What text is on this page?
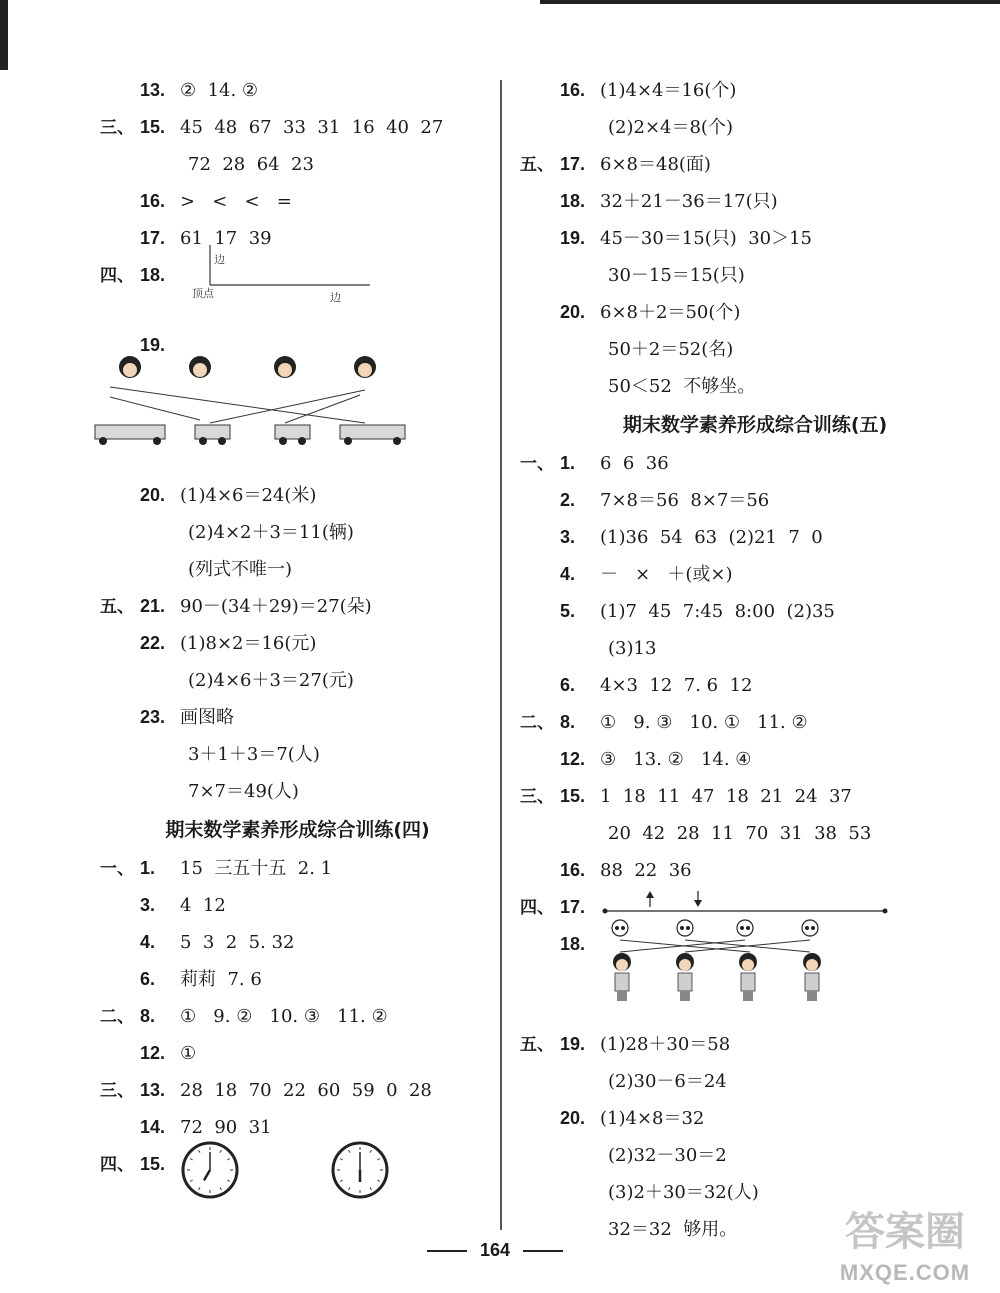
13. ②  14. ②
三、 15. 45  48  67  33  31  16  40  27
72  28  64  23
16. >   <   <   =
17. 61  17  39
四、 18.
边
顶点	边
19.
20. (1)4×6＝24(米)
(2)4×2＋3＝11(辆)
(列式不唯一)
五、 21. 90－(34＋29)＝27(朵)
22. (1)8×2＝16(元)
(2)4×6＋3＝27(元)
23. 画图略
3＋1＋3＝7(人)
7×7＝49(人)
期末数学素养形成综合训练(四)
一、 1. 15  三五十五  2. 1
3. 4  12
4. 5  3  2  5. 32
6. 莉莉  7. 6
二、 8. ①   9. ②   10. ③   11. ②
12. ①
三、 13. 28  18  70  22  60  59  0  28
14. 72  90  31
四、 15.
16. (1)4×4＝16(个)
(2)2×4＝8(个)
五、 17. 6×8＝48(面)
18. 32＋21－36＝17(只)
19. 45－30＝15(只)  30＞15
30－15＝15(只)
20. 6×8＋2＝50(个)
50＋2＝52(名)
50＜52  不够坐。
期末数学素养形成综合训练(五)
一、 1. 6  6  36
2. 7×8＝56  8×7＝56
3. (1)36  54  63  (2)21  7  0
4. －   ×   ＋(或×)
5. (1)7  45  7:45  8:00  (2)35
(3)13
6. 4×3  12  7. 6  12
二、 8. ①   9. ③   10. ①   11. ②
12. ③   13. ②   14. ④
三、 15. 1  18  11  47  18  21  24  37
20  42  28  11  70  31  38  53
16. 88  22  36
四、 17.
18.
五、 19. (1)28＋30＝58
(2)30－6＝24
20. (1)4×8＝32
(2)32－30＝2
(3)2＋30＝32(人)
32＝32  够用。
164	答案圈
MXQE.COM
